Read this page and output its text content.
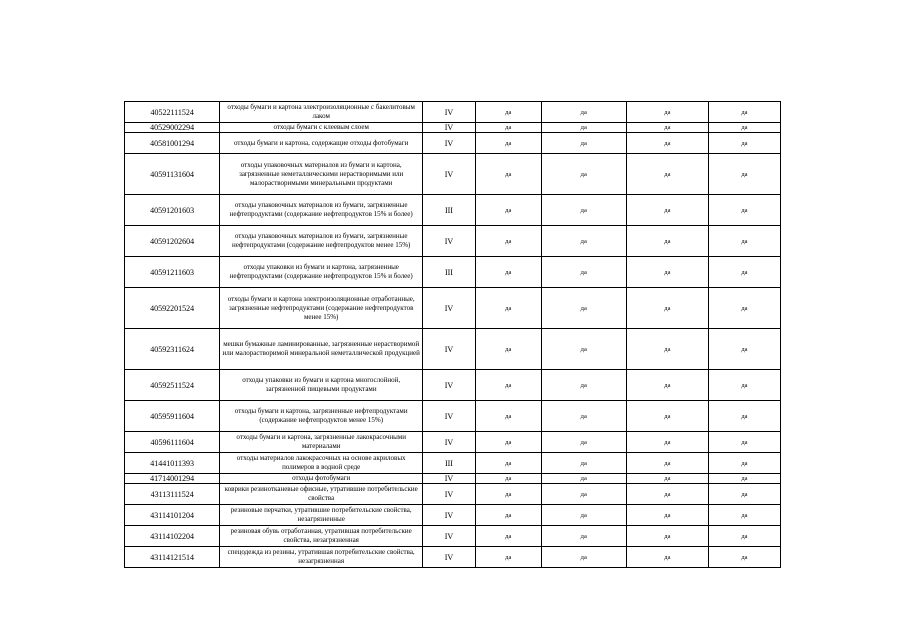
40522111524	отходы бумаги и картона электроизоляционные с бакелитовым лаком	IV	да	да	да	да
40529002294	отходы бумаги с клеевым слоем	IV	да	да	да	да
40581001294	отходы бумаги и картона, содержащие отходы фотобумаги	IV	да	да	да	да
40591131604	отходы упаковочных материалов из бумаги и картона, загрязненные неметаллическими нерастворимыми или малорастворимыми минеральными продуктами	IV	да	да	да	да
40591201603	отходы упаковочных материалов из бумаги, загрязненные нефтепродуктами (содержание нефтепродуктов 15% и более)	III	да	да	да	да
40591202604	отходы упаковочных материалов из бумаги, загрязненные нефтепродуктами (содержание нефтепродуктов менее 15%)	IV	да	да	да	да
40591211603	отходы упаковки из бумаги и картона, загрязненные нефтепродуктами (содержание нефтепродуктов 15% и более)	III	да	да	да	да
40592201524	отходы бумаги и картона электроизоляционные отработанные, загрязненные нефтепродуктами (содержание нефтепродуктов менее 15%)	IV	да	да	да	да
40592311624	мешки бумажные ламинированные, загрязненные нерастворимой или малорастворимой минеральной неметаллической продукцией	IV	да	да	да	да
40592511524	отходы упаковки из бумаги и картона многослойной, загрязненной пищевыми продуктами	IV	да	да	да	да
40595911604	отходы бумаги и картона, загрязненные нефтепродуктами (содержание нефтепродуктов менее 15%)	IV	да	да	да	да
40596111604	отходы бумаги и картона, загрязненные лакокрасочными материалами	IV	да	да	да	да
41441011393	отходы материалов лакокрасочных на основе акриловых полимеров в водной среде	III	да	да	да	да
41714001294	отходы фотобумаги	IV	да	да	да	да
43113111524	коврики резинотканевые офисные, утратившие потребительские свойства	IV	да	да	да	да
43114101204	резиновые перчатки, утратившие потребительские свойства, незагрязненные	IV	да	да	да	да
43114102204	резиновая обувь отработанная, утратившая потребительские свойства, незагрязненная	IV	да	да	да	да
43114121514	спецодежда из резины, утратившая потребительские свойства, незагрязненная	IV	да	да	да	да
